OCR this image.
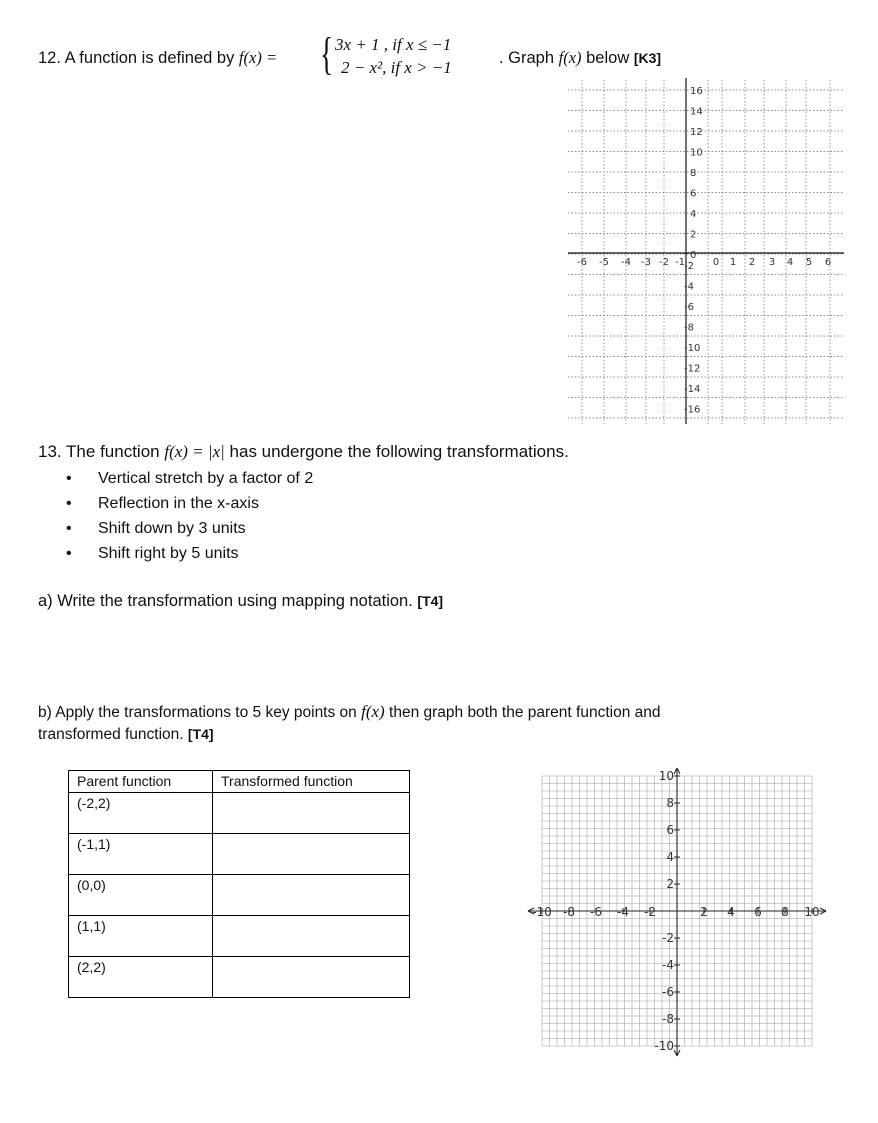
12. A function is defined by f(x) = { 3x + 1 , if x ≤ −1
2 − x², if x > −1	. Graph f(x) below [K3]
-6 -5 -4 -3 -2 -1	0 1 2 3 4 5 6
16
14
12
10
8
6
4
2
0
-2
-4
-6
-8
-10
-12
-14
-16
13. The function f(x) = |x| has undergone the following transformations.
• Vertical stretch by a factor of 2
• Reflection in the x-axis
• Shift down by 3 units
• Shift right by 5 units
a) Write the transformation using mapping notation. [T4]
b) Apply the transformations to 5 key points on f(x) then graph both the parent function and
transformed function. [T4]
Parent function	Transformed function
(-2,2)	
(-1,1)	
(0,0)	
(1,1)	
(2,2)	
-10 -8 -6 -4 -2	2 4 6 8 10
10
8
6
4
2
-2
-4
-6
-8
-10
